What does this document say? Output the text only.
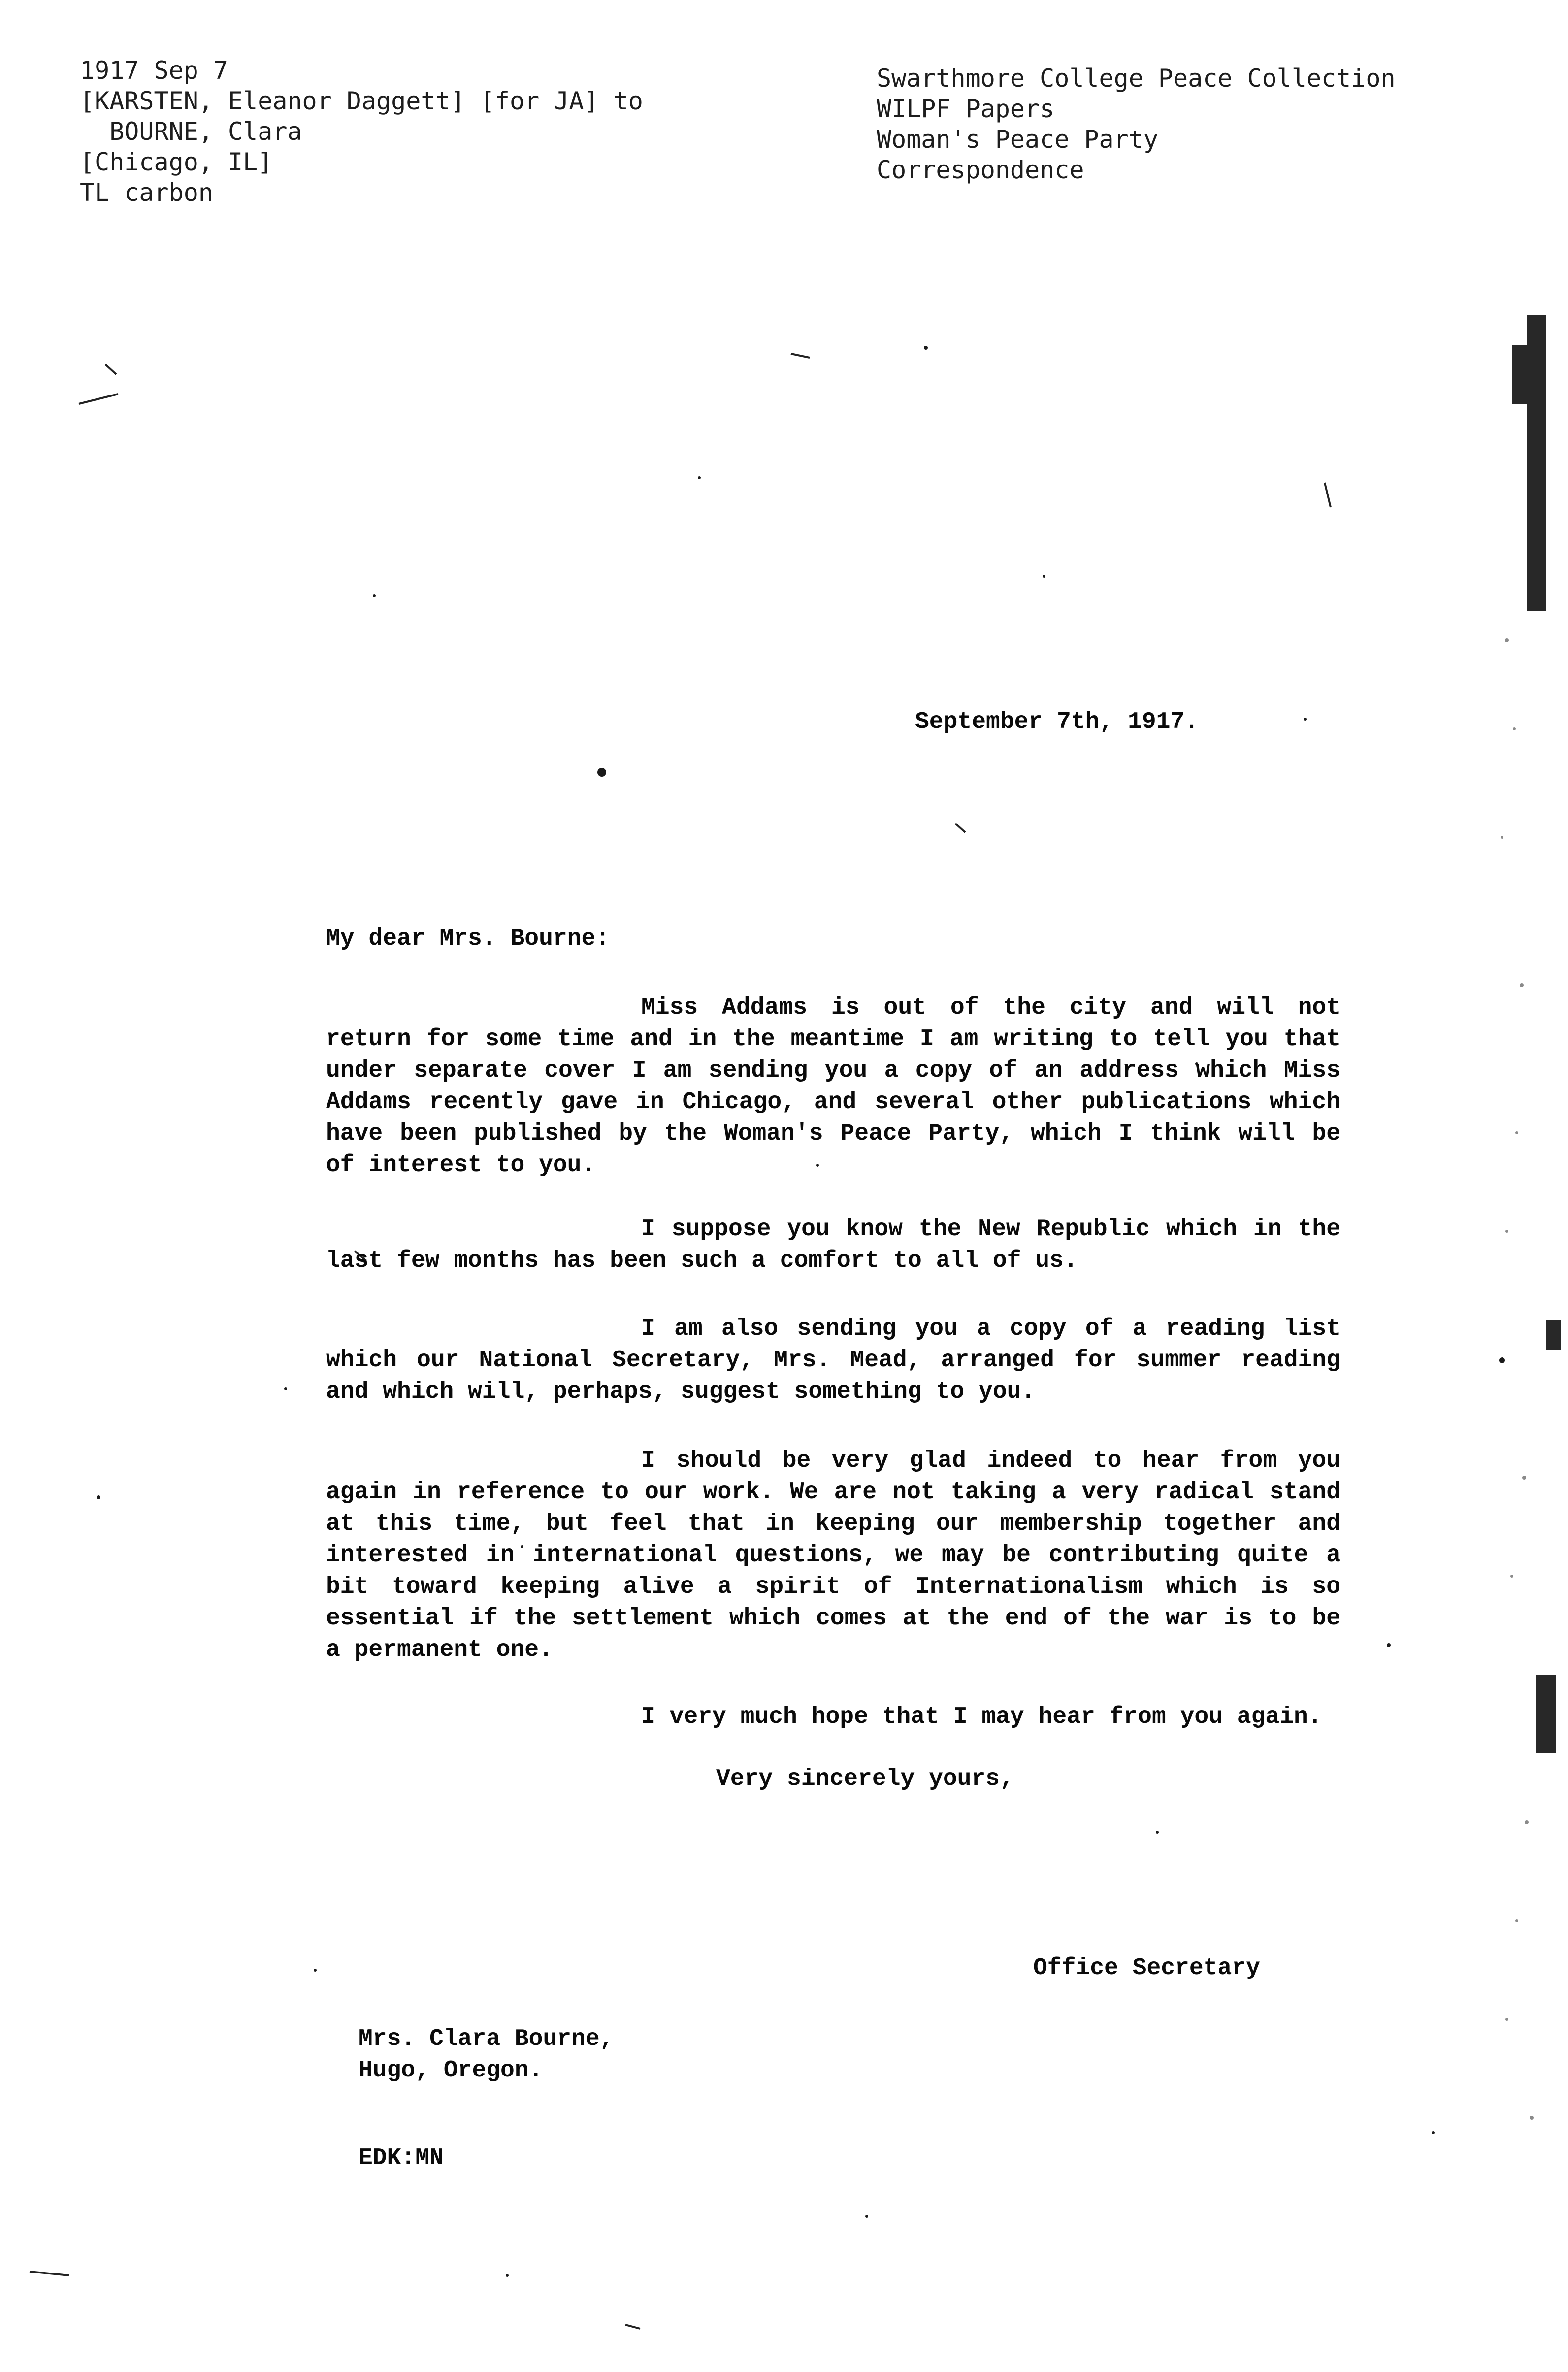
1917 Sep 7
[KARSTEN, Eleanor Daggett] [for JA] to
BOURNE, Clara
[Chicago, IL]
TL carbon
Swarthmore College Peace Collection
WILPF Papers
Woman's Peace Party
Correspondence
September 7th, 1917.
My dear Mrs. Bourne:
Miss Addams is out of the city and will not return for some time and in the meantime I am writing to tell you that under separate cover I am sending you a copy of an address which Miss Addams recently gave in Chicago, and several other publications which have been published by the Woman's Peace Party, which I think will be of interest to you.
I suppose you know the New Republic which in the last few months has been such a comfort to all of us.
I am also sending you a copy of a reading list which our National Secretary, Mrs. Mead, arranged for summer reading and which will, perhaps, suggest something to you.
I should be very glad indeed to hear from you again in reference to our work. We are not taking a very radical stand at this time, but feel that in keeping our membership together and interested in international questions, we may be contributing quite a bit toward keeping alive a spirit of Internationalism which is so essential if the settlement which comes at the end of the war is to be a permanent one.
I very much hope that I may hear from you again.
Very sincerely yours,
Office Secretary
Mrs. Clara Bourne,
Hugo, Oregon.
EDK:MN
